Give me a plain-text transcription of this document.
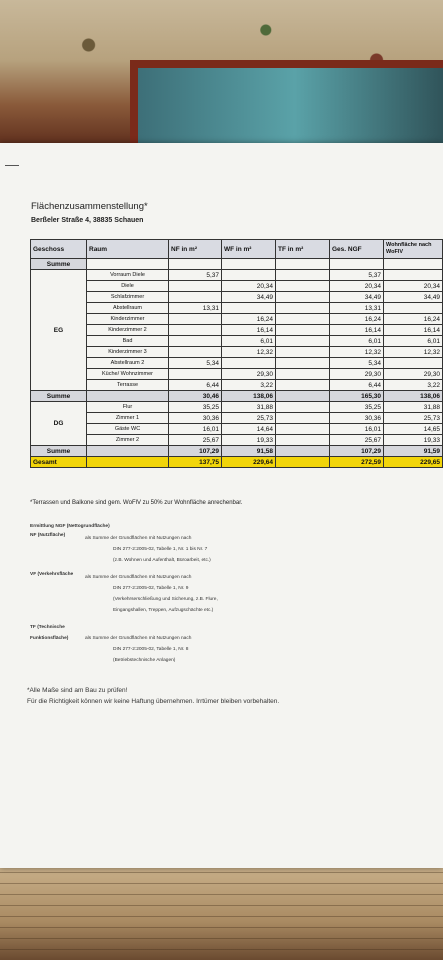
Flächenzusammenstellung*
Berßeler Straße 4, 38835 Schauen
Geschoss	Raum	NF in m²	WF in m²	TF in m²	Ges. NGF	Wohnfläche nach WoFlV
Summe						
EG	Vorraum Diele	5,37			5,37	
	Diele		20,34		20,34	20,34
	Schlafzimmer		34,49		34,49	34,49
	Abstellraum	13,31			13,31	
	Kinderzimmer		16,24		16,24	16,24
	Kinderzimmer 2		16,14		16,14	16,14
	Bad		6,01		6,01	6,01
	Kinderzimmer 3		12,32		12,32	12,32
	Abstellraum 2	5,34			5,34	
	Küche/ Wohnzimmer		29,30		29,30	29,30
	Terrasse	6,44	3,22		6,44	3,22
Summe		30,46	138,06		165,30	138,06
DG	Flur	35,25	31,88		35,25	31,88
	Zimmer 1	30,36	25,73		30,36	25,73
	Gäste WC	16,01	14,64		16,01	14,65
	Zimmer 2	25,67	19,33		25,67	19,33
Summe		107,29	91,58		107,29	91,59
Gesamt		137,75	229,64		272,59	229,65
*Terrassen und Balkone sind gem. WoFlV zu 50% zur Wohnfläche anrechenbar.
Ermittlung NGF (Nettogrundfläche)
NF (Nutzfläche)
als Summe der Grundflächen mit Nutzungen nach
DIN 277-2:2005-02, Tabelle 1, Nr. 1 bis Nr. 7
(z.B. Wohnen und Aufenthalt, Büroarbeit, etc.)
VF (Verkehrsfläche
als Summe der Grundflächen mit Nutzungen nach
DIN 277-2:2005-02, Tabelle 1, Nr. 9
(Verkehrserschließung und Sicherung, z.B. Flure,
Eingangshallen, Treppen, Aufzugschächte etc.)
TF (Technische
Funktionsfläche)	als Summe der Grundflächen mit Nutzungen nach
DIN 277-2:2005-02, Tabelle 1, Nr. 8
(Betriebstechnische Anlagen)
*Alle Maße sind am Bau zu prüfen!
Für die Richtigkeit können wir keine Haftung übernehmen. Irrtümer bleiben vorbehalten.
